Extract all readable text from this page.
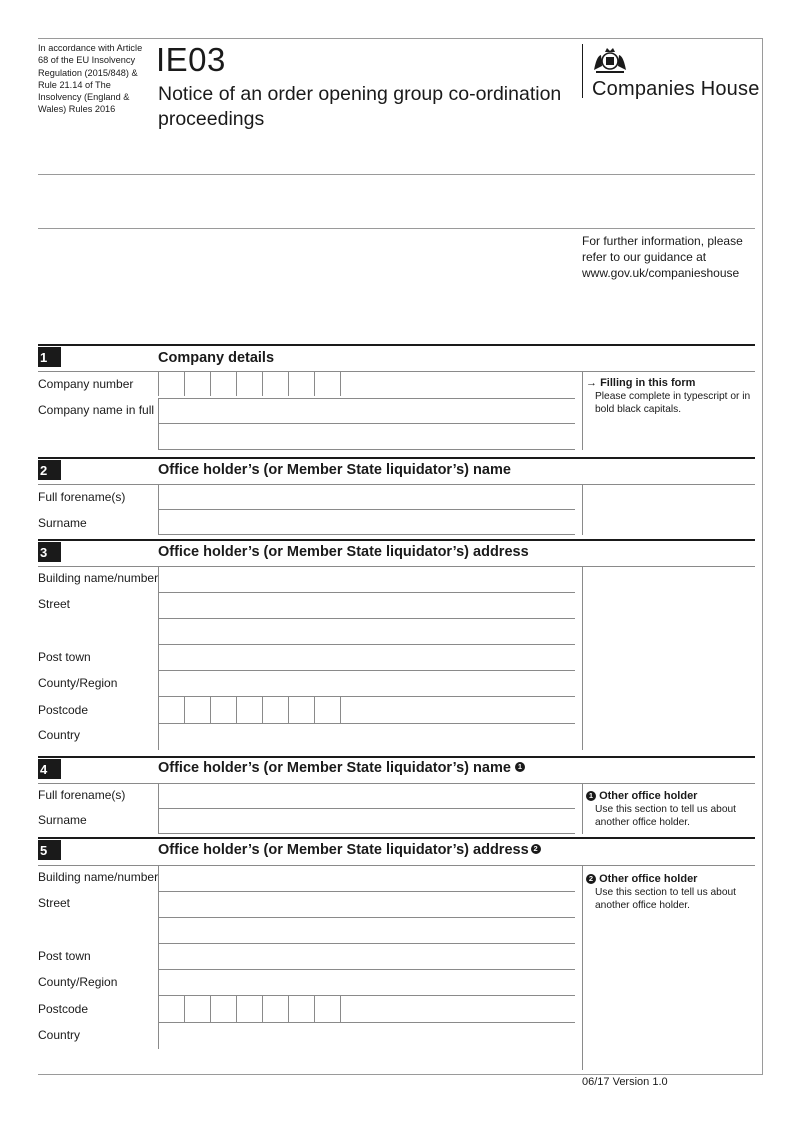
In accordance with Article 68 of the EU Insolvency Regulation (2015/848) & Rule 21.14 of The Insolvency (England & Wales) Rules 2016
IE03
Notice of an order opening group co-ordination proceedings
Companies House
For further information, please refer to our guidance at www.gov.uk/companieshouse
1	Company details
Company number
Company name in full
→ Filling in this form
Please complete in typescript or in bold black capitals.
2	Office holder’s (or Member State liquidator’s) name
Full forename(s)
Surname
3	Office holder’s (or Member State liquidator’s) address
Building name/number
Street
Post town
County/Region
Postcode
Country
4	Office holder’s (or Member State liquidator’s) name 1
Full forename(s)
Surname
1 Other office holder
Use this section to tell us about another office holder.
5	Office holder’s (or Member State liquidator’s) address 2
Building name/number
Street
Post town
County/Region
Postcode
Country
2 Other office holder
Use this section to tell us about another office holder.
06/17 Version 1.0
